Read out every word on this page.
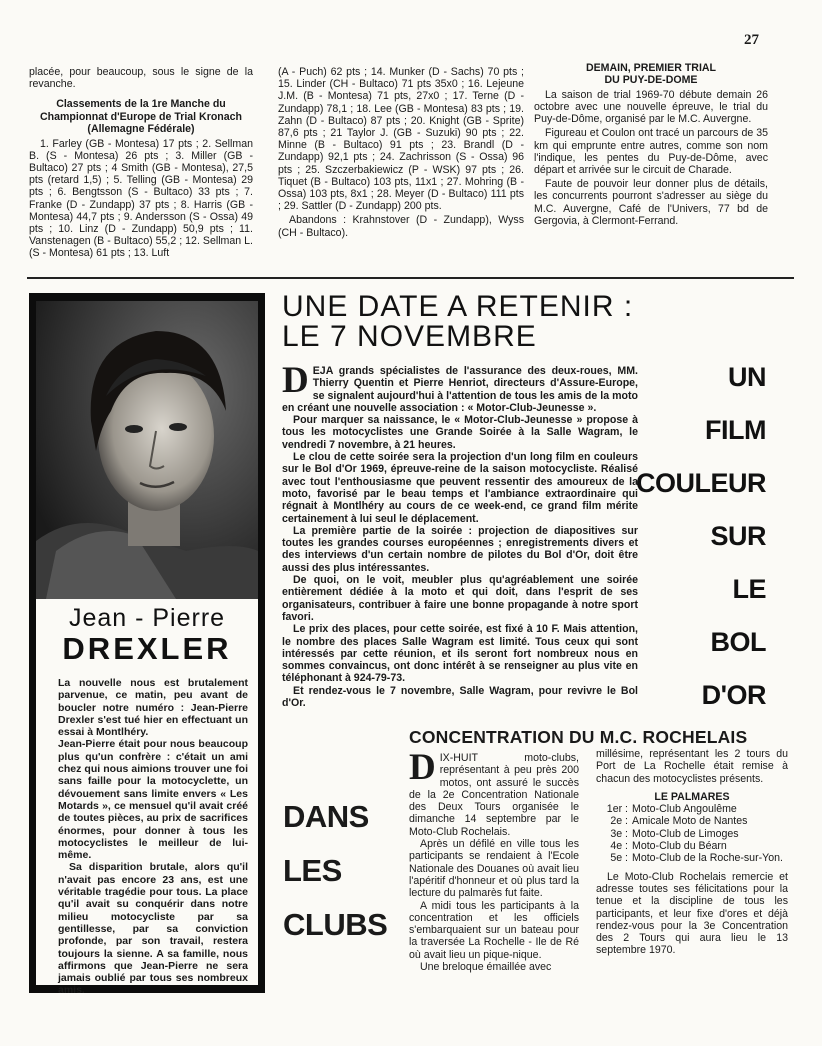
27

placée, pour beaucoup, sous le signe de la revanche.

Classements de la 1re Manche du Championnat d'Europe de Trial Kronach (Allemagne Fédérale)

1. Farley (GB - Montesa) 17 pts ; 2. Sellman B. (S - Montesa) 26 pts ; 3. Miller (GB - Bultaco) 27 pts ; 4 Smith (GB - Montesa), 27,5 pts (retard 1,5) ; 5. Telling (GB - Montesa) 29 pts ; 6. Bengtsson (S - Bultaco) 33 pts ; 7. Franke (D - Zundapp) 37 pts ; 8. Harris (GB - Montesa) 44,7 pts ; 9. Andersson (S - Ossa) 49 pts ; 10. Linz (D - Zundapp) 50,9 pts ; 11. Vanstenagen (B - Bultaco) 55,2 ; 12. Sellman L. (S - Montesa) 61 pts ; 13. Luft

(A - Puch) 62 pts ; 14. Munker (D - Sachs) 70 pts ; 15. Linder (CH - Bultaco) 71 pts 35x0 ; 16. Lejeune J.M. (B - Montesa) 71 pts, 27x0 ; 17. Terne (D - Zundapp) 78,1 ; 18. Lee (GB - Montesa) 83 pts ; 19. Zahn (D - Bultaco) 87 pts ; 20. Knight (GB - Sprite) 87,6 pts ; 21 Taylor J. (GB - Suzuki) 90 pts ; 22. Minne (B - Bultaco) 91 pts ; 23. Brandl (D - Zundapp) 92,1 pts ; 24. Zachrisson (S - Ossa) 96 pts ; 25. Szczerbakiewicz (P - WSK) 97 pts ; 26. Tiquet (B - Bultaco) 103 pts, 11x1 ; 27. Mohring (B - Ossa) 103 pts, 8x1 ; 28. Meyer (D - Bultaco) 111 pts ; 29. Sattler (D - Zundapp) 200 pts.

Abandons : Krahnstover (D - Zundapp), Wyss (CH - Bultaco).

DEMAIN, PREMIER TRIAL
DU PUY-DE-DOME

La saison de trial 1969-70 débute demain 26 octobre avec une nouvelle épreuve, le trial du Puy-de-Dôme, organisé par le M.C. Auvergne.

Figureau et Coulon ont tracé un parcours de 35 km qui emprunte entre autres, comme son nom l'indique, les pentes du Puy-de-Dôme, avec départ et arrivée sur le circuit de Charade.

Faute de pouvoir leur donner plus de détails, les concurrents pourront s'adresser au siège du M.C. Auvergne, Café de l'Univers, 77 bd de Gergovia, à Clermont-Ferrand.

Jean - Pierre
DREXLER

La nouvelle nous est brutalement parvenue, ce matin, peu avant de boucler notre numéro : Jean-Pierre Drexler s'est tué hier en effectuant un essai à Montlhéry.

Jean-Pierre était pour nous beaucoup plus qu'un confrère : c'était un ami chez qui nous aimions trouver une foi sans faille pour la motocyclette, un dévouement sans limite envers « Les Motards », ce mensuel qu'il avait créé de toutes pièces, au prix de sacrifices énormes, pour donner à tous les motocyclistes le meilleur de lui-même.

Sa disparition brutale, alors qu'il n'avait pas encore 23 ans, est une véritable tragédie pour tous. La place qu'il avait su conquérir dans notre milieu motocycliste par sa gentillesse, par sa conviction profonde, par son travail, restera toujours la sienne. A sa famille, nous affirmons que Jean-Pierre ne sera jamais oublié par tous ses nombreux amis.

UNE DATE A RETENIR :
LE 7 NOVEMBRE

DEJA grands spécialistes de l'assurance des deux-roues, MM. Thierry Quentin et Pierre Henriot, directeurs d'Assure-Europe, se signalent aujourd'hui à l'attention de tous les amis de la moto en créant une nouvelle association : « Motor-Club-Jeunesse ».

Pour marquer sa naissance, le « Motor-Club-Jeunesse » propose à tous les motocyclistes une Grande Soirée à la Salle Wagram, le vendredi 7 novembre, à 21 heures.

Le clou de cette soirée sera la projection d'un long film en couleurs sur le Bol d'Or 1969, épreuve-reine de la saison motocycliste. Réalisé avec tout l'enthousiasme que peuvent ressentir des amoureux de la moto, favorisé par le beau temps et l'ambiance extraordinaire qui régnait à Montlhéry au cours de ce week-end, ce grand film mérite certainement à lui seul le déplacement.

La première partie de la soirée : projection de diapositives sur toutes les grandes courses européennes ; enregistrements divers et des interviews d'un certain nombre de pilotes du Bol d'Or, doit être aussi des plus intéressantes.

De quoi, on le voit, meubler plus qu'agréablement une soirée entièrement dédiée à la moto et qui doit, dans l'esprit de ses organisateurs, contribuer à faire une bonne propagande à notre sport favori.

Le prix des places, pour cette soirée, est fixé à 10 F. Mais attention, le nombre des places Salle Wagram est limité. Tous ceux qui sont intéressés par cette réunion, et ils seront fort nombreux nous en sommes convaincus, ont donc intérêt à se renseigner au plus vite en téléphonant à 924-79-73.

Et rendez-vous le 7 novembre, Salle Wagram, pour revivre le Bol d'Or.

UN
FILM
COULEUR
SUR
LE
BOL
D'OR
CONCENTRATION DU M.C. ROCHELAIS
DANS
LES
CLUBS

DIX-HUIT moto-clubs, représentant à peu près 200 motos, ont assuré le succès de la 2e Concentration Nationale des Deux Tours organisée le dimanche 14 septembre par le Moto-Club Rochelais.

Après un défilé en ville tous les participants se rendaient à l'Ecole Nationale des Douanes où avait lieu l'apéritif d'honneur et où plus tard la lecture du palmarès fut faite.

A midi tous les participants à la concentration et les officiels s'embarquaient sur un bateau pour la traversée La Rochelle - Ile de Ré où avait lieu un pique-nique.

Une breloque émaillée avec

millésime, représentant les 2 tours du Port de La Rochelle était remise à chacun des motocyclistes présents.

LE PALMARES

1er : Moto-Club Angoulême
2e : Amicale Moto de Nantes
3e : Moto-Club de Limoges
4e : Moto-Club du Béarn
5e : Moto-Club de la Roche-sur-Yon.

Le Moto-Club Rochelais remercie et adresse toutes ses félicitations pour la tenue et la discipline de tous les participants, et leur fixe d'ores et déjà rendez-vous pour la 3e Concentration des 2 Tours qui aura lieu le 13 septembre 1970.
